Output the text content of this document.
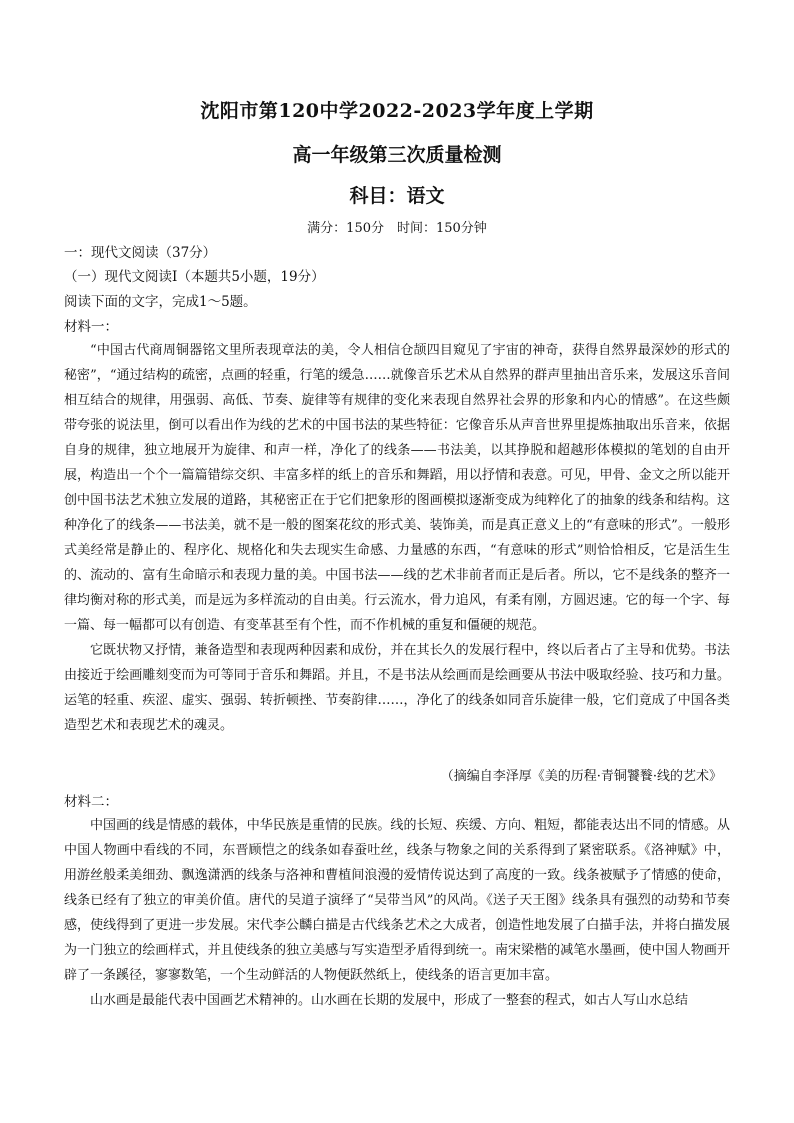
沈阳市第120中学2022-2023学年度上学期
高一年级第三次质量检测
科目：语文
满分：150分　时间：150分钟
一：现代文阅读（37分）
（一）现代文阅读Ⅰ（本题共5小题，19分）
阅读下面的文字，完成1～5题。
材料一：

“中国古代商周铜器铭文里所表现章法的美，令人相信仓颉四目窥见了宇宙的神奇，获得自然界最深妙的形式的秘密”，“通过结构的疏密，点画的轻重，行笔的缓急……就像音乐艺术从自然界的群声里抽出音乐来，发展这乐音间相互结合的规律，用强弱、高低、节奏、旋律等有规律的变化来表现自然界社会界的形象和内心的情感”。在这些颇带夸张的说法里，倒可以看出作为线的艺术的中国书法的某些特征：它像音乐从声音世界里提炼抽取出乐音来，依据自身的规律，独立地展开为旋律、和声一样，净化了的线条——书法美，以其挣脱和超越形体模拟的笔划的自由开展，构造出一个个一篇篇错综交织、丰富多样的纸上的音乐和舞蹈，用以抒情和表意。可见，甲骨、金文之所以能开创中国书法艺术独立发展的道路，其秘密正在于它们把象形的图画模拟逐渐变成为纯粹化了的抽象的线条和结构。这种净化了的线条——书法美，就不是一般的图案花纹的形式美、装饰美，而是真正意义上的“有意味的形式”。一般形式美经常是静止的、程序化、规格化和失去现实生命感、力量感的东西，“有意味的形式”则恰恰相反，它是活生生的、流动的、富有生命暗示和表现力量的美。中国书法——线的艺术非前者而正是后者。所以，它不是线条的整齐一律均衡对称的形式美，而是远为多样流动的自由美。行云流水，骨力追风，有柔有刚，方圆迟速。它的每一个字、每一篇、每一幅都可以有创造、有变革甚至有个性，而不作机械的重复和僵硬的规范。

它既状物又抒情，兼备造型和表现两种因素和成份，并在其长久的发展行程中，终以后者占了主导和优势。书法由接近于绘画雕刻变而为可等同于音乐和舞蹈。并且，不是书法从绘画而是绘画要从书法中吸取经验、技巧和力量。运笔的轻重、疾涩、虚实、强弱、转折顿挫、节奏韵律……，净化了的线条如同音乐旋律一般，它们竟成了中国各类造型艺术和表现艺术的魂灵。

（摘编自李泽厚《美的历程·青铜饕餮·线的艺术》
材料二：

中国画的线是情感的载体，中华民族是重情的民族。线的长短、疾缓、方向、粗短，都能表达出不同的情感。从中国人物画中看线的不同，东晋顾恺之的线条如春蚕吐丝，线条与物象之间的关系得到了紧密联系。《洛神赋》中，用游丝般柔美细劲、飘逸潇洒的线条与洛神和曹植间浪漫的爱情传说达到了高度的一致。线条被赋予了情感的使命，线条已经有了独立的审美价值。唐代的吴道子演绎了“吴带当风”的风尚。《送子天王图》线条具有强烈的动势和节奏感，使线得到了更进一步发展。宋代李公麟白描是古代线条艺术之大成者，创造性地发展了白描手法，并将白描发展为一门独立的绘画样式，并且使线条的独立美感与写实造型矛盾得到统一。南宋梁楷的减笔水墨画，使中国人物画开辟了一条蹊径，寥寥数笔，一个生动鲜活的人物便跃然纸上，使线条的语言更加丰富。

山水画是最能代表中国画艺术精神的。山水画在长期的发展中，形成了一整套的程式，如古人写山水总结
